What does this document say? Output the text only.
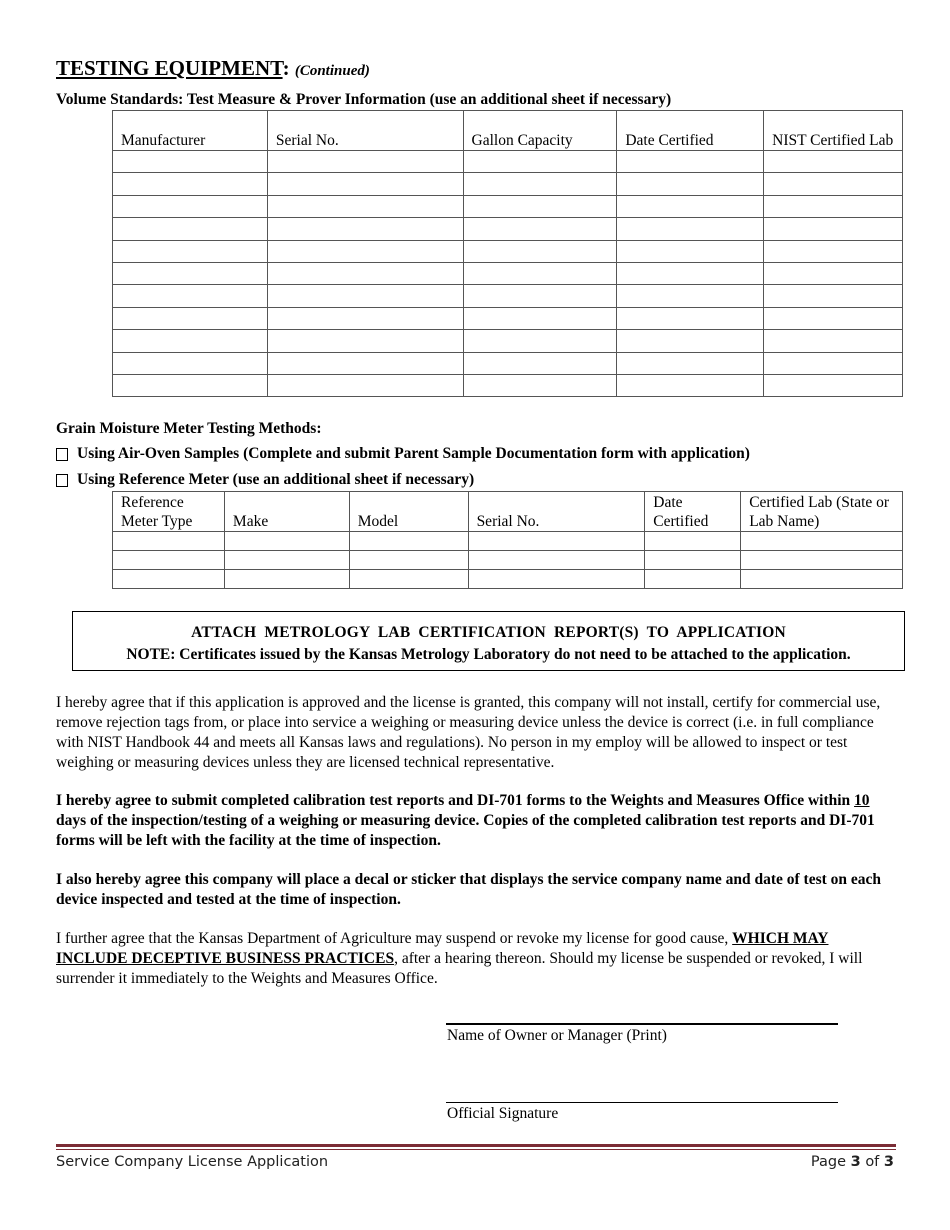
TESTING EQUIPMENT: (Continued)
Volume Standards: Test Measure & Prover Information (use an additional sheet if necessary)
Manufacturer	Serial No.	Gallon Capacity	Date Certified	NIST Certified Lab

Grain Moisture Meter Testing Methods:
Using Air-Oven Samples (Complete and submit Parent Sample Documentation form with application)
Using Reference Meter (use an additional sheet if necessary)
Reference Meter Type	Make	Model	Serial No.	Date Certified	Certified Lab (State or Lab Name)

ATTACH METROLOGY LAB CERTIFICATION REPORT(S) TO APPLICATION
NOTE: Certificates issued by the Kansas Metrology Laboratory do not need to be attached to the application.
I hereby agree that if this application is approved and the license is granted, this company will not install, certify for commercial use, remove rejection tags from, or place into service a weighing or measuring device unless the device is correct (i.e. in full compliance with NIST Handbook 44 and meets all Kansas laws and regulations). No person in my employ will be allowed to inspect or test weighing or measuring devices unless they are licensed technical representative.
I hereby agree to submit completed calibration test reports and DI-701 forms to the Weights and Measures Office within 10 days of the inspection/testing of a weighing or measuring device. Copies of the completed calibration test reports and DI-701 forms will be left with the facility at the time of inspection.
I also hereby agree this company will place a decal or sticker that displays the service company name and date of test on each device inspected and tested at the time of inspection.
I further agree that the Kansas Department of Agriculture may suspend or revoke my license for good cause, WHICH MAY INCLUDE DECEPTIVE BUSINESS PRACTICES, after a hearing thereon. Should my license be suspended or revoked, I will surrender it immediately to the Weights and Measures Office.
Name of Owner or Manager (Print)
Official Signature
Service Company License Application	Page 3 of 3
